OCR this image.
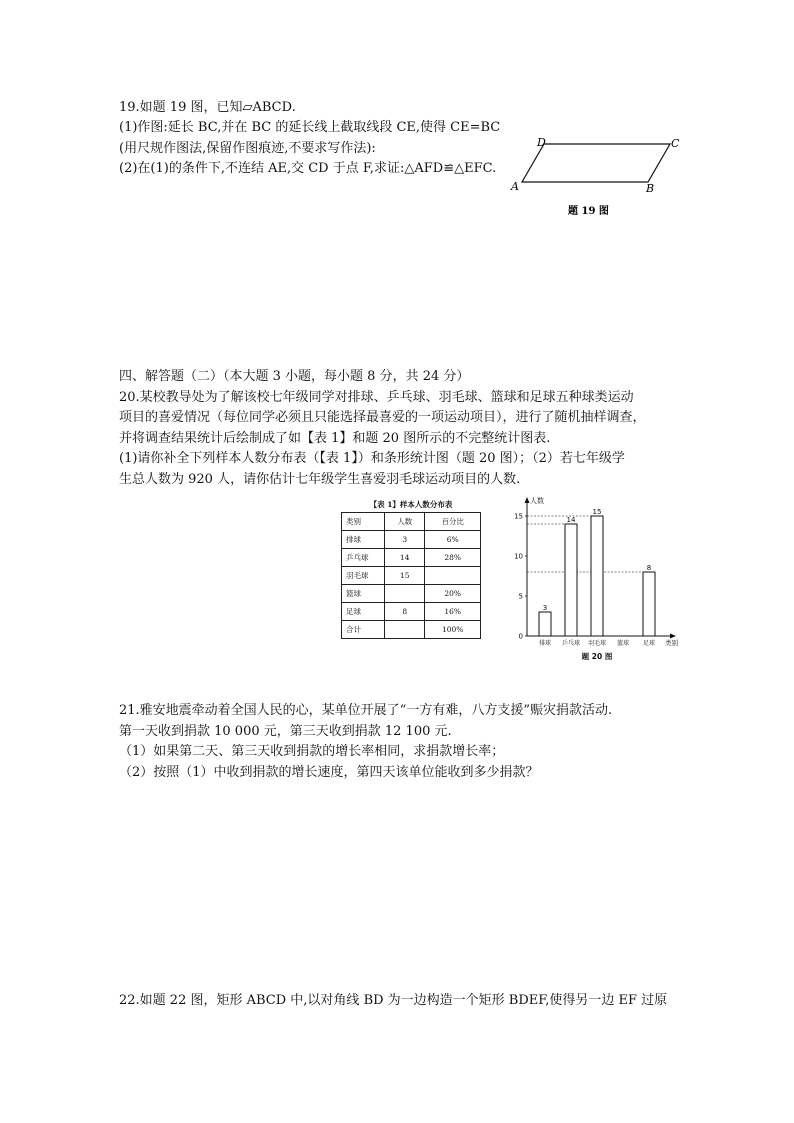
19.如题 19 图，已知▱ABCD.
(1)作图:延长 BC,并在 BC 的延长线上截取线段 CE,使得 CE=BC
(用尺规作图法,保留作图痕迹,不要求写作法):
(2)在(1)的条件下,不连结 AE,交 CD 于点 F,求证:△AFD≌△EFC.
A	B
C
D
题 19 图
四、解答题（二）（本大题 3 小题，每小题 8 分，共 24 分）
20.某校教导处为了解该校七年级同学对排球、乒乓球、羽毛球、篮球和足球五种球类运动
项目的喜爱情况（每位同学必须且只能选择最喜爱的一项运动项目），进行了随机抽样调查，
并将调查结果统计后绘制成了如【表 1】和题 20 图所示的不完整统计图表.
(1)请你补全下列样本人数分布表（【表 1】）和条形统计图（题 20 图）；（2）若七年级学
生总人数为 920 人，请你估计七年级学生喜爱羽毛球运动项目的人数.
【表 1】样本人数分布表
类别	人数	百分比
排球	3	6%
乒乓球	14	28%
羽毛球	15	
篮球		20%
足球	8	16%
合计		100%
0
5
10
15
人数
类别
3
排球
14
乒乓球
15
羽毛球 篮球
8
足球
题 20 图
21.雅安地震牵动着全国人民的心，某单位开展了“一方有难，八方支援”赈灾捐款活动.
第一天收到捐款 10 000 元，第三天收到捐款 12 100 元.
（1）如果第二天、第三天收到捐款的增长率相同，求捐款增长率；
（2）按照（1）中收到捐款的增长速度，第四天该单位能收到多少捐款？
22.如题 22 图，矩形 ABCD 中,以对角线 BD 为一边构造一个矩形 BDEF,使得另一边 EF 过原
